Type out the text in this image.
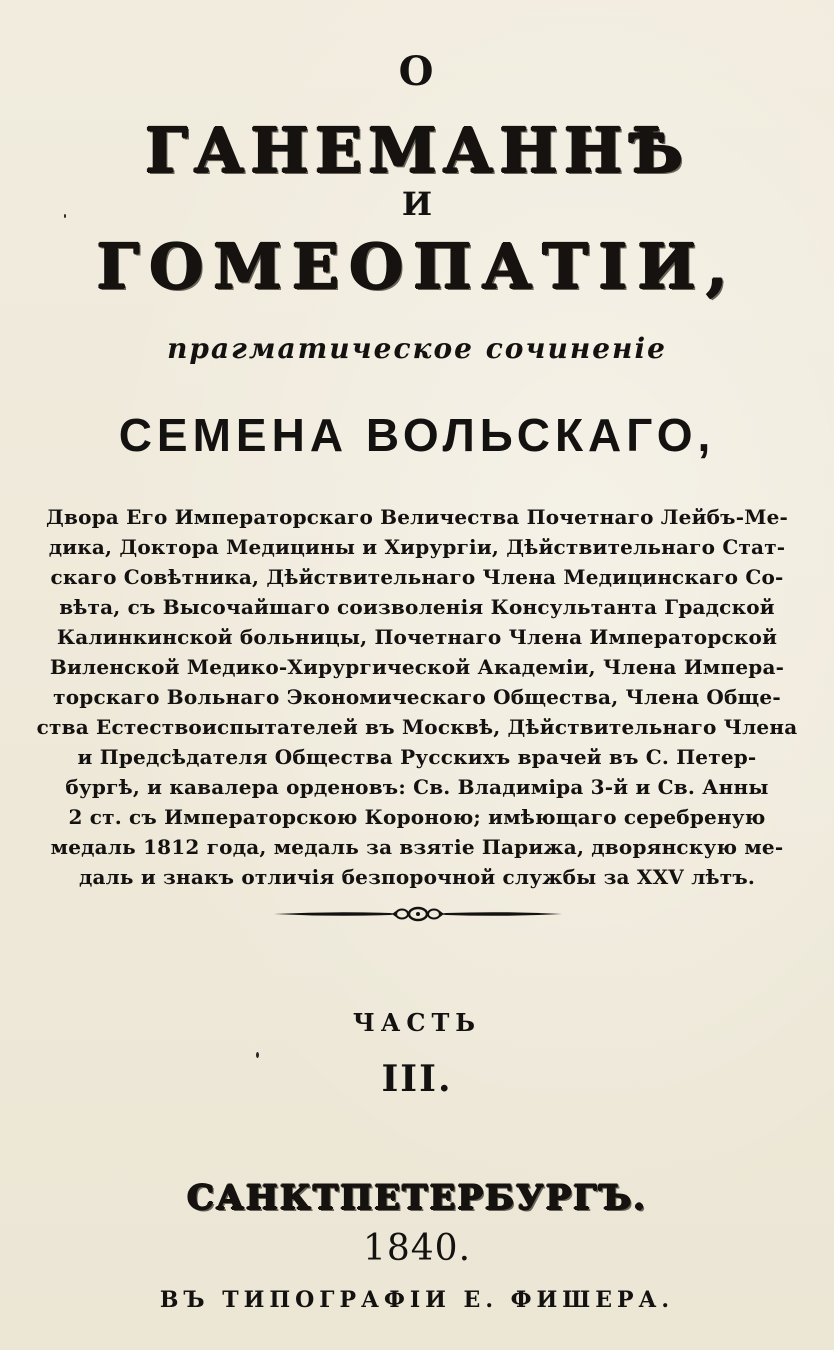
О
ГАНЕМАННѢ
И
ГОМЕОПАТІИ,
прагматическое сочиненіе
СЕМЕНА ВОЛЬСКАГО,
Двора Его Императорскаго Величества Почетнаго Лейбъ-Ме-
дика, Доктора Медицины и Хирургіи, Дѣйствительнаго Стат-
скаго Совѣтника, Дѣйствительнаго Члена Медицинскаго Со-
вѣта, съ Высочайшаго соизволенія Консультанта Градской
Калинкинской больницы, Почетнаго Члена Императорской
Виленской Медико-Хирургической Академіи, Члена Импера-
торскаго Вольнаго Экономическаго Общества, Члена Обще-
ства Естествоиспытателей въ Москвѣ, Дѣйствительнаго Члена
и Предсѣдателя Общества Русскихъ врачей въ С. Петер-
бургѣ, и кавалера орденовъ: Св. Владиміра 3-й и Св. Анны
2 ст. съ Императорскою Короною; имѣющаго серебреную
медаль 1812 года, медаль за взятіе Парижа, дворянскую ме-
даль и знакъ отличія безпорочной службы за XXV лѣтъ.
ЧАСТЬ
III.
САНКТПЕТЕРБУРГЪ.
1840.
ВЪ ТИПОГРАФІИ Е. ФИШЕРА.
